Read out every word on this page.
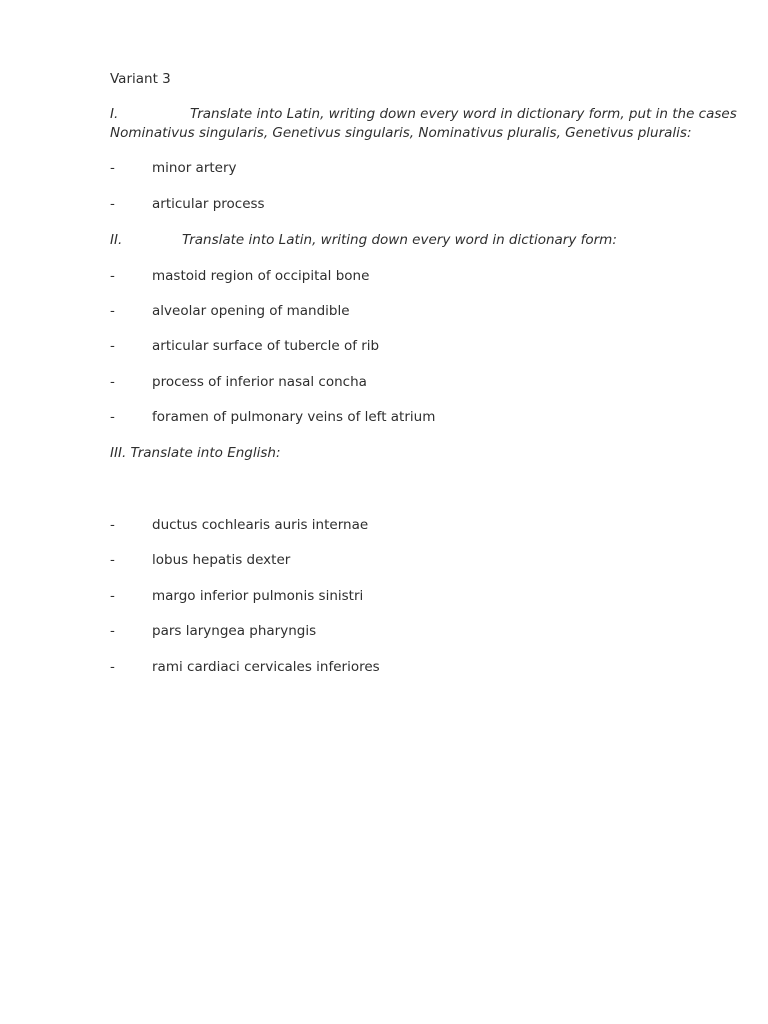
Variant 3
I.	Translate into Latin, writing down every word in dictionary form, put in the cases
Nominativus singularis, Genetivus singularis, Nominativus pluralis, Genetivus pluralis:
-	minor artery
-	articular process
II.	Translate into Latin, writing down every word in dictionary form:
-	mastoid region of occipital bone
-	alveolar opening of mandible
-	articular surface of tubercle of rib
-	process of inferior nasal concha
-	foramen of pulmonary veins of left atrium
III. Translate into English:
-	ductus cochlearis auris internae
-	lobus hepatis dexter
-	margo inferior pulmonis sinistri
-	pars laryngea pharyngis
-	rami cardiaci cervicales inferiores
